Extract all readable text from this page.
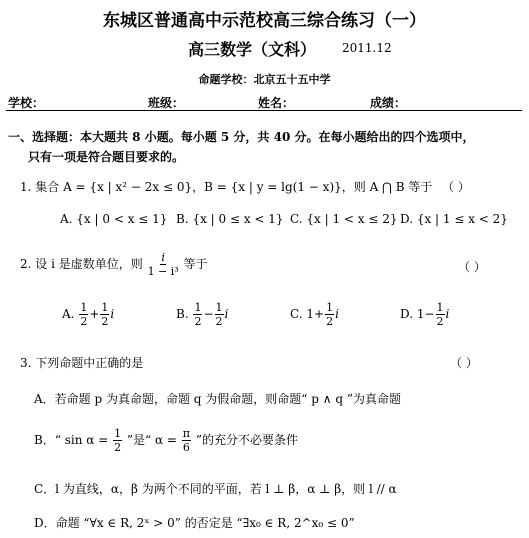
东城区普通高中示范校高三综合练习（一）
高三数学（文科） 2011.12
命题学校：北京五十五中学
学校：	班级：	姓名：	成绩：
一、选择题：本大题共 8 小题。每小题 5 分，共 40 分。在每小题给出的四个选项中，
只有一项是符合题目要求的。
1. 集合 A = {x | x² − 2x ≤ 0}，B = {x | y = lg(1 − x)}，则 A ⋂ B 等于 （ ）
A. {x | 0 < x ≤ 1} B. {x | 0 ≤ x < 1} C. {x | 1 < x ≤ 2} D. {x | 1 ≤ x < 2}
2. 设 i 是虚数单位，则 $\frac{i}{\text{1 − i³}}$ 等于	（ ）
A. $\frac{1}{2} + \frac{1}{2}$ i	B. $\frac{1}{2} - \frac{1}{2}$ i	C. $1+ \frac{1}{2}$ i	D. $1- \frac{1}{2}$ i
3. 下列命题中正确的是	（ ）
A．若命题 p 为真命题，命题 q 为假命题，则命题“ p ∧ q ”为真命题
B．“ $\sin \alpha = \frac{1}{2}$ ”是“ $\alpha = \frac{\pi}{6}$ ”的充分不必要条件
C．l 为直线，α，β 为两个不同的平面，若 l ⊥ β，α ⊥ β，则 l // α
D．命题 “∀x ∈ R, 2ˣ > 0” 的否定是 “∃x₀ ∈ R, 2^x₀ ≤ 0”
